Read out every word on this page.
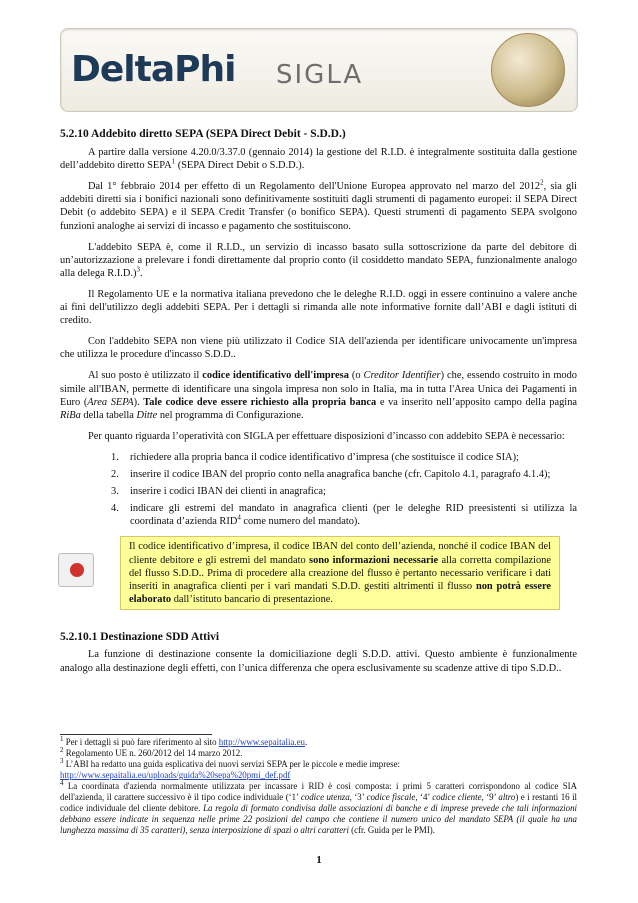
DeltaPhi SIGLA
5.2.10 Addebito diretto SEPA (SEPA Direct Debit - S.D.D.)

A partire dalla versione 4.20.0/3.37.0 (gennaio 2014) la gestione del R.I.D. è integralmente sostituita dalla gestione dell’addebito diretto SEPA$^1$ (SEPA Direct Debit o S.D.D.).

Dal 1° febbraio 2014 per effetto di un Regolamento dell'Unione Europea approvato nel marzo del 2012$^2$, sia gli addebiti diretti sia i bonifici nazionali sono definitivamente sostituiti dagli strumenti di pagamento europei: il SEPA Direct Debit (o addebito SEPA) e il SEPA Credit Transfer (o bonifico SEPA). Questi strumenti di pagamento SEPA svolgono funzioni analoghe ai servizi di incasso e pagamento che sostituiscono.

L'addebito SEPA è, come il R.I.D., un servizio di incasso basato sulla sottoscrizione da parte del debitore di un’autorizzazione a prelevare i fondi direttamente dal proprio conto (il cosiddetto mandato SEPA, funzionalmente analogo alla delega R.I.D.)$^3$.

Il Regolamento UE e la normativa italiana prevedono che le deleghe R.I.D. oggi in essere continuino a valere anche ai fini dell'utilizzo degli addebiti SEPA. Per i dettagli si rimanda alle note informative fornite dall’ABI e dagli istituti di credito.

Con l'addebito SEPA non viene più utilizzato il Codice SIA dell'azienda per identificare univocamente un'impresa che utilizza le procedure d'incasso S.D.D..

Al suo posto è utilizzato il codice identificativo dell'impresa (o Creditor Identifier) che, essendo costruito in modo simile all'IBAN, permette di identificare una singola impresa non solo in Italia, ma in tutta l'Area Unica dei Pagamenti in Euro (Area SEPA). Tale codice deve essere richiesto alla propria banca e va inserito nell’apposito campo della pagina RiBa della tabella Ditte nel programma di Configurazione.

Per quanto riguarda l’operatività con SIGLA per effettuare disposizioni d’incasso con addebito SEPA è necessario:

1. richiedere alla propria banca il codice identificativo d’impresa (che sostituisce il codice SIA);
2. inserire il codice IBAN del proprio conto nella anagrafica banche (cfr. Capitolo 4.1, paragrafo 4.1.4);
3. inserire i codici IBAN dei clienti in anagrafica;
4. indicare gli estremi del mandato in anagrafica clienti (per le deleghe RID preesistenti si utilizza la coordinata d’azienda RID$^4$ come numero del mandato).
Il codice identificativo d’impresa, il codice IBAN del conto dell’azienda, nonché il codice IBAN del cliente debitore e gli estremi del mandato sono informazioni necessarie alla corretta compilazione del flusso S.D.D.. Prima di procedere alla creazione del flusso è pertanto necessario verificare i dati inseriti in anagrafica clienti per i vari mandati S.D.D. gestiti altrimenti il flusso non potrà essere elaborato dall’istituto bancario di presentazione.
5.2.10.1 Destinazione SDD Attivi

La funzione di destinazione consente la domiciliazione degli S.D.D. attivi. Questo ambiente è funzionalmente analogo alla destinazione degli effetti, con l’unica differenza che opera esclusivamente su scadenze attive di tipo S.D.D..

$^1$ Per i dettagli si può fare riferimento al sito http://www.sepaitalia.eu.
$^2$ Regolamento UE n. 260/2012 del 14 marzo 2012.
$^3$ L’ABI ha redatto una guida esplicativa dei nuovi servizi SEPA per le piccole e medie imprese:
http://www.sepaitalia.eu/uploads/guida%20sepa%20pmi_def.pdf
$^4$ La coordinata d'azienda normalmente utilizzata per incassare i RID è così composta: i primi 5 caratteri corrispondono al codice SIA dell'azienda, il carattere successivo è il tipo codice individuale (‘1’ codice utenza, ‘3’ codice fiscale, ‘4’ codice cliente, ‘9’ altro) e i restanti 16 il codice individuale del cliente debitore. La regola di formato condivisa dalle associazioni di banche e di imprese prevede che tali informazioni debbano essere indicate in sequenza nelle prime 22 posizioni del campo che contiene il numero unico del mandato SEPA (il quale ha una lunghezza massima di 35 caratteri), senza interposizione di spazi o altri caratteri (cfr. Guida per le PMI).
1
